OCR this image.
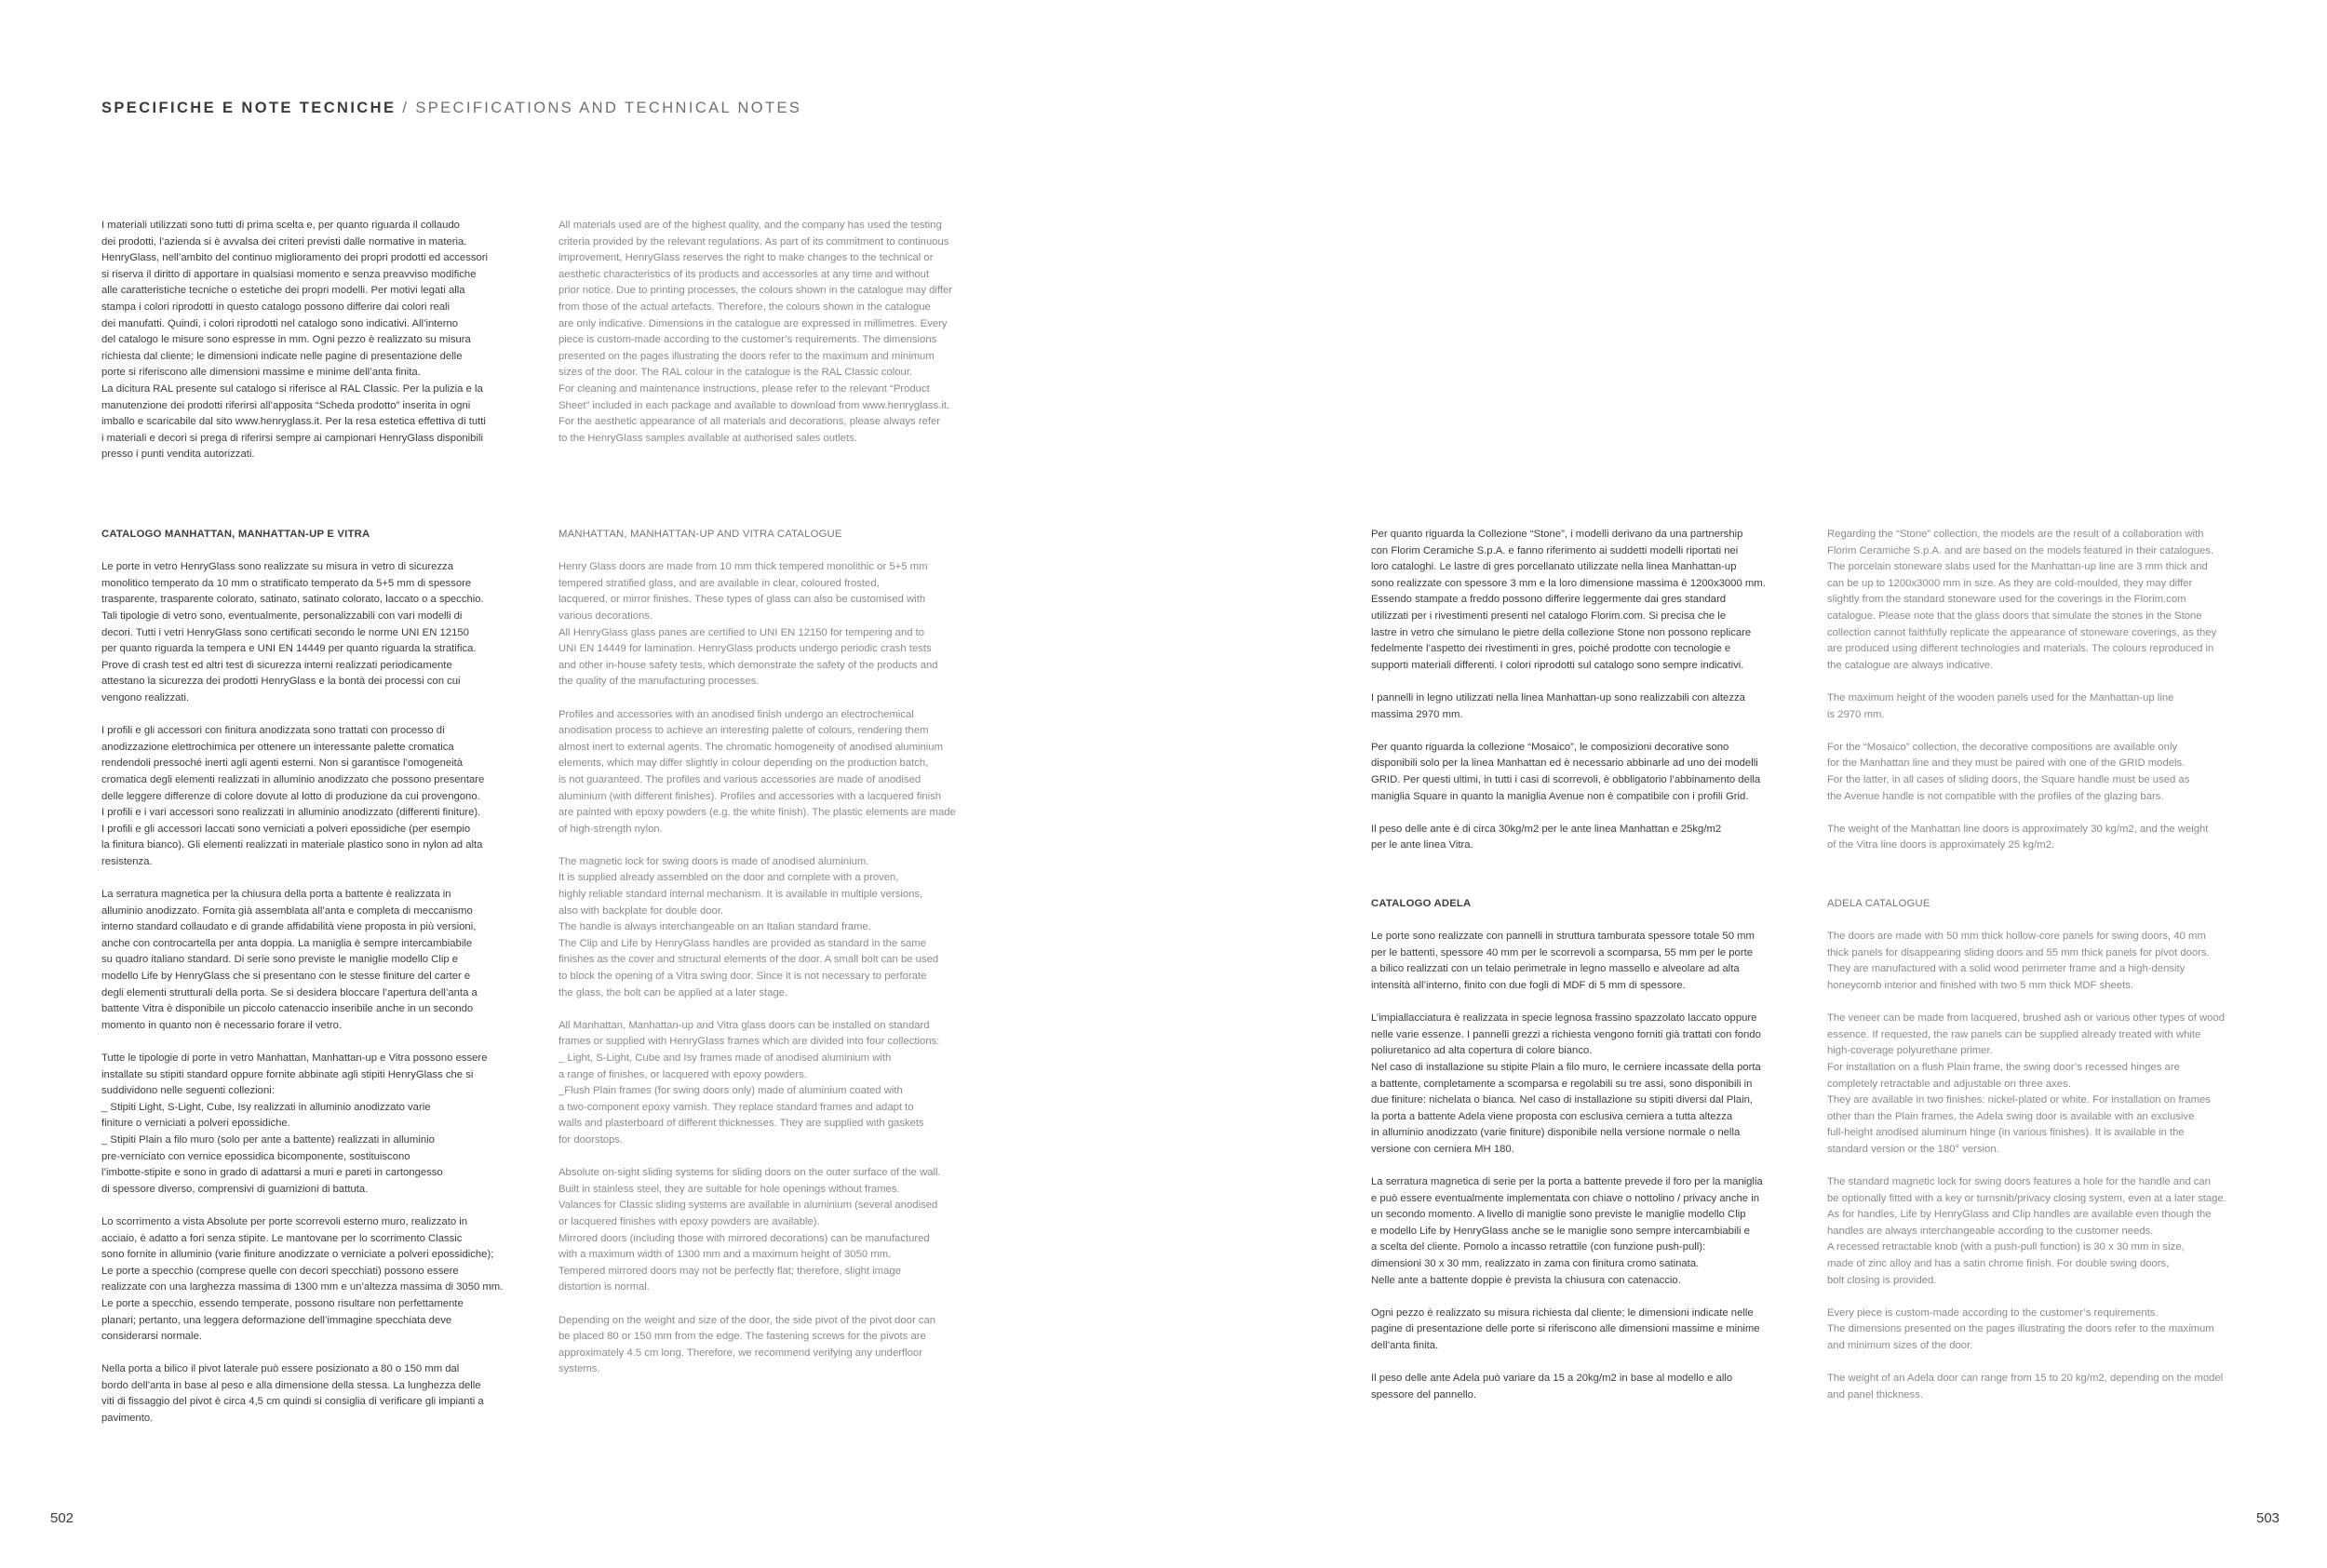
SPECIFICHE E NOTE TECNICHE / SPECIFICATIONS AND TECHNICAL NOTES

I materiali utilizzati sono tutti di prima scelta e, per quanto riguarda il collaudo
dei prodotti, l’azienda si è avvalsa dei criteri previsti dalle normative in materia.
HenryGlass, nell’ambito del continuo miglioramento dei propri prodotti ed accessori
si riserva il diritto di apportare in qualsiasi momento e senza preavviso modifiche
alle caratteristiche tecniche o estetiche dei propri modelli. Per motivi legati alla
stampa i colori riprodotti in questo catalogo possono differire dai colori reali
dei manufatti. Quindi, i colori riprodotti nel catalogo sono indicativi. All’interno
del catalogo le misure sono espresse in mm. Ogni pezzo è realizzato su misura
richiesta dal cliente; le dimensioni indicate nelle pagine di presentazione delle
porte si riferiscono alle dimensioni massime e minime dell’anta finita.
La dicitura RAL presente sul catalogo si riferisce al RAL Classic. Per la pulizia e la
manutenzione dei prodotti riferirsi all’apposita “Scheda prodotto” inserita in ogni
imballo e scaricabile dal sito www.henryglass.it. Per la resa estetica effettiva di tutti
i materiali e decori si prega di riferirsi sempre ai campionari HenryGlass disponibili
presso i punti vendita autorizzati.

All materials used are of the highest quality, and the company has used the testing
criteria provided by the relevant regulations. As part of its commitment to continuous
improvement, HenryGlass reserves the right to make changes to the technical or
aesthetic characteristics of its products and accessories at any time and without
prior notice. Due to printing processes, the colours shown in the catalogue may differ
from those of the actual artefacts. Therefore, the colours shown in the catalogue
are only indicative. Dimensions in the catalogue are expressed in millimetres. Every
piece is custom-made according to the customer’s requirements. The dimensions
presented on the pages illustrating the doors refer to the maximum and minimum
sizes of the door. The RAL colour in the catalogue is the RAL Classic colour.
For cleaning and maintenance instructions, please refer to the relevant “Product
Sheet” included in each package and available to download from www.henryglass.it.
For the aesthetic appearance of all materials and decorations, please always refer
to the HenryGlass samples available at authorised sales outlets.

CATALOGO MANHATTAN, MANHATTAN-UP E VITRA

Le porte in vetro HenryGlass sono realizzate su misura in vetro di sicurezza
monolitico temperato da 10 mm o stratificato temperato da 5+5 mm di spessore
trasparente, trasparente colorato, satinato, satinato colorato, laccato o a specchio.
Tali tipologie di vetro sono, eventualmente, personalizzabili con vari modelli di
decori. Tutti i vetri HenryGlass sono certificati secondo le norme UNI EN 12150
per quanto riguarda la tempera e UNI EN 14449 per quanto riguarda la stratifica.
Prove di crash test ed altri test di sicurezza interni realizzati periodicamente
attestano la sicurezza dei prodotti HenryGlass e la bontà dei processi con cui
vengono realizzati.

I profili e gli accessori con finitura anodizzata sono trattati con processo di
anodizzazione elettrochimica per ottenere un interessante palette cromatica
rendendoli pressoché inerti agli agenti esterni. Non si garantisce l’omogeneità
cromatica degli elementi realizzati in alluminio anodizzato che possono presentare
delle leggere differenze di colore dovute al lotto di produzione da cui provengono.
I profili e i vari accessori sono realizzati in alluminio anodizzato (differenti finiture).
I profili e gli accessori laccati sono verniciati a polveri epossidiche (per esempio
la finitura bianco). Gli elementi realizzati in materiale plastico sono in nylon ad alta
resistenza.

La serratura magnetica per la chiusura della porta a battente è realizzata in
alluminio anodizzato. Fornita già assemblata all’anta e completa di meccanismo
interno standard collaudato e di grande affidabilità viene proposta in più versioni,
anche con controcartella per anta doppia. La maniglia è sempre intercambiabile
su quadro italiano standard. Di serie sono previste le maniglie modello Clip e
modello Life by HenryGlass che si presentano con le stesse finiture del carter e
degli elementi strutturali della porta. Se si desidera bloccare l’apertura dell’anta a
battente Vitra è disponibile un piccolo catenaccio inseribile anche in un secondo
momento in quanto non è necessario forare il vetro.

Tutte le tipologie di porte in vetro Manhattan, Manhattan-up e Vitra possono essere
installate su stipiti standard oppure fornite abbinate agli stipiti HenryGlass che si
suddividono nelle seguenti collezioni:
_ Stipiti Light, S-Light, Cube, Isy realizzati in alluminio anodizzato varie
finiture o verniciati a polveri epossidiche.
_ Stipiti Plain a filo muro (solo per ante a battente) realizzati in alluminio
pre-verniciato con vernice epossidica bicomponente, sostituiscono
l’imbotte-stipite e sono in grado di adattarsi a muri e pareti in cartongesso
di spessore diverso, comprensivi di guarnizioni di battuta.

Lo scorrimento a vista Absolute per porte scorrevoli esterno muro, realizzato in
acciaio, è adatto a fori senza stipite. Le mantovane per lo scorrimento Classic
sono fornite in alluminio (varie finiture anodizzate o verniciate a polveri epossidiche);
Le porte a specchio (comprese quelle con decori specchiati) possono essere
realizzate con una larghezza massima di 1300 mm e un’altezza massima di 3050 mm.
Le porte a specchio, essendo temperate, possono risultare non perfettamente
planari; pertanto, una leggera deformazione dell’immagine specchiata deve
considerarsi normale.

Nella porta a bilico il pivot laterale può essere posizionato a 80 o 150 mm dal
bordo dell’anta in base al peso e alla dimensione della stessa. La lunghezza delle
viti di fissaggio del pivot è circa 4,5 cm quindi si consiglia di verificare gli impianti a
pavimento.

MANHATTAN, MANHATTAN-UP AND VITRA CATALOGUE

Henry Glass doors are made from 10 mm thick tempered monolithic or 5+5 mm
tempered stratified glass, and are available in clear, coloured frosted,
lacquered, or mirror finishes. These types of glass can also be customised with
various decorations.
All HenryGlass glass panes are certified to UNI EN 12150 for tempering and to
UNI EN 14449 for lamination. HenryGlass products undergo periodic crash tests
and other in-house safety tests, which demonstrate the safety of the products and
the quality of the manufacturing processes.

Profiles and accessories with an anodised finish undergo an electrochemical
anodisation process to achieve an interesting palette of colours, rendering them
almost inert to external agents. The chromatic homogeneity of anodised aluminium
elements, which may differ slightly in colour depending on the production batch,
is not guaranteed. The profiles and various accessories are made of anodised
aluminium (with different finishes). Profiles and accessories with a lacquered finish
are painted with epoxy powders (e.g. the white finish). The plastic elements are made
of high-strength nylon.

The magnetic lock for swing doors is made of anodised aluminium.
It is supplied already assembled on the door and complete with a proven,
highly reliable standard internal mechanism. It is available in multiple versions,
also with backplate for double door.
The handle is always interchangeable on an Italian standard frame.
The Clip and Life by HenryGlass handles are provided as standard in the same
finishes as the cover and structural elements of the door. A small bolt can be used
to block the opening of a Vitra swing door. Since it is not necessary to perforate
the glass, the bolt can be applied at a later stage.

All Manhattan, Manhattan-up and Vitra glass doors can be installed on standard
frames or supplied with HenryGlass frames which are divided into four collections:
_ Light, S-Light, Cube and Isy frames made of anodised aluminium with
a range of finishes, or lacquered with epoxy powders.
_Flush Plain frames (for swing doors only) made of aluminium coated with
a two-component epoxy varnish. They replace standard frames and adapt to
walls and plasterboard of different thicknesses. They are supplied with gaskets
for doorstops.

Absolute on-sight sliding systems for sliding doors on the outer surface of the wall.
Built in stainless steel, they are suitable for hole openings without frames.
Valances for Classic sliding systems are available in aluminium (several anodised
or lacquered finishes with epoxy powders are available).
Mirrored doors (including those with mirrored decorations) can be manufactured
with a maximum width of 1300 mm and a maximum height of 3050 mm.
Tempered mirrored doors may not be perfectly flat; therefore, slight image
distortion is normal.

Depending on the weight and size of the door, the side pivot of the pivot door can
be placed 80 or 150 mm from the edge. The fastening screws for the pivots are
approximately 4.5 cm long. Therefore, we recommend verifying any underfloor
systems.

Per quanto riguarda la Collezione “Stone”, i modelli derivano da una partnership
con Florim Ceramiche S.p.A. e fanno riferimento ai suddetti modelli riportati nei
loro cataloghi. Le lastre di gres porcellanato utilizzate nella linea Manhattan-up
sono realizzate con spessore 3 mm e la loro dimensione massima è 1200x3000 mm.
Essendo stampate a freddo possono differire leggermente dai gres standard
utilizzati per i rivestimenti presenti nel catalogo Florim.com. Si precisa che le
lastre in vetro che simulano le pietre della collezione Stone non possono replicare
fedelmente l’aspetto dei rivestimenti in gres, poiché prodotte con tecnologie e
supporti materiali differenti. I colori riprodotti sul catalogo sono sempre indicativi.

I pannelli in legno utilizzati nella linea Manhattan-up sono realizzabili con altezza
massima 2970 mm.

Per quanto riguarda la collezione “Mosaico”, le composizioni decorative sono
disponibili solo per la linea Manhattan ed è necessario abbinarle ad uno dei modelli
GRID. Per questi ultimi, in tutti i casi di scorrevoli, è obbligatorio l’abbinamento della
maniglia Square in quanto la maniglia Avenue non è compatibile con i profili Grid.

Il peso delle ante è di circa 30kg/m2 per le ante linea Manhattan e 25kg/m2
per le ante linea Vitra.

Regarding the “Stone” collection, the models are the result of a collaboration with
Florim Ceramiche S.p.A. and are based on the models featured in their catalogues.
The porcelain stoneware slabs used for the Manhattan-up line are 3 mm thick and
can be up to 1200x3000 mm in size. As they are cold-moulded, they may differ
slightly from the standard stoneware used for the coverings in the Florim.com
catalogue. Please note that the glass doors that simulate the stones in the Stone
collection cannot faithfully replicate the appearance of stoneware coverings, as they
are produced using different technologies and materials. The colours reproduced in
the catalogue are always indicative.

The maximum height of the wooden panels used for the Manhattan-up line
is 2970 mm.

For the “Mosaico” collection, the decorative compositions are available only
for the Manhattan line and they must be paired with one of the GRID models.
For the latter, in all cases of sliding doors, the Square handle must be used as
the Avenue handle is not compatible with the profiles of the glazing bars.

The weight of the Manhattan line doors is approximately 30 kg/m2, and the weight
of the Vitra line doors is approximately 25 kg/m2.

CATALOGO ADELA

Le porte sono realizzate con pannelli in struttura tamburata spessore totale 50 mm
per le battenti, spessore 40 mm per le scorrevoli a scomparsa, 55 mm per le porte
a bilico realizzati con un telaio perimetrale in legno massello e alveolare ad alta
intensità all’interno, finito con due fogli di MDF di 5 mm di spessore.

L’impiallacciatura è realizzata in specie legnosa frassino spazzolato laccato oppure
nelle varie essenze. I pannelli grezzi a richiesta vengono forniti già trattati con fondo
poliuretanico ad alta copertura di colore bianco.
Nel caso di installazione su stipite Plain a filo muro, le cerniere incassate della porta
a battente, completamente a scomparsa e regolabili su tre assi, sono disponibili in
due finiture: nichelata o bianca. Nel caso di installazione su stipiti diversi dal Plain,
la porta a battente Adela viene proposta con esclusiva cerniera a tutta altezza
in alluminio anodizzato (varie finiture) disponibile nella versione normale o nella
versione con cerniera MH 180.

La serratura magnetica di serie per la porta a battente prevede il foro per la maniglia
e può essere eventualmente implementata con chiave o nottolino / privacy anche in
un secondo momento. A livello di maniglie sono previste le maniglie modello Clip
e modello Life by HenryGlass anche se le maniglie sono sempre intercambiabili e
a scelta del cliente. Pomolo a incasso retrattile (con funzione push-pull):
dimensioni 30 x 30 mm, realizzato in zama con finitura cromo satinata.
Nelle ante a battente doppie è prevista la chiusura con catenaccio.

Ogni pezzo è realizzato su misura richiesta dal cliente; le dimensioni indicate nelle
pagine di presentazione delle porte si riferiscono alle dimensioni massime e minime
dell’anta finita.

Il peso delle ante Adela può variare da 15 a 20kg/m2 in base al modello e allo
spessore del pannello.

ADELA CATALOGUE

The doors are made with 50 mm thick hollow-core panels for swing doors, 40 mm
thick panels for disappearing sliding doors and 55 mm thick panels for pivot doors.
They are manufactured with a solid wood perimeter frame and a high-density
honeycomb interior and finished with two 5 mm thick MDF sheets.

The veneer can be made from lacquered, brushed ash or various other types of wood
essence. If requested, the raw panels can be supplied already treated with white
high-coverage polyurethane primer.
For installation on a flush Plain frame, the swing door’s recessed hinges are
completely retractable and adjustable on three axes.
They are available in two finishes: nickel-plated or white. For installation on frames
other than the Plain frames, the Adela swing door is available with an exclusive
full-height anodised aluminum hinge (in various finishes). It is available in the
standard version or the 180° version.

The standard magnetic lock for swing doors features a hole for the handle and can
be optionally fitted with a key or turnsnib/privacy closing system, even at a later stage.
As for handles, Life by HenryGlass and Clip handles are available even though the
handles are always interchangeable according to the customer needs.
A recessed retractable knob (with a push-pull function) is 30 x 30 mm in size,
made of zinc alloy and has a satin chrome finish. For double swing doors,
bolt closing is provided.

Every piece is custom-made according to the customer’s requirements.
The dimensions presented on the pages illustrating the doors refer to the maximum
and minimum sizes of the door.

The weight of an Adela door can range from 15 to 20 kg/m2, depending on the model
and panel thickness.

502	503
